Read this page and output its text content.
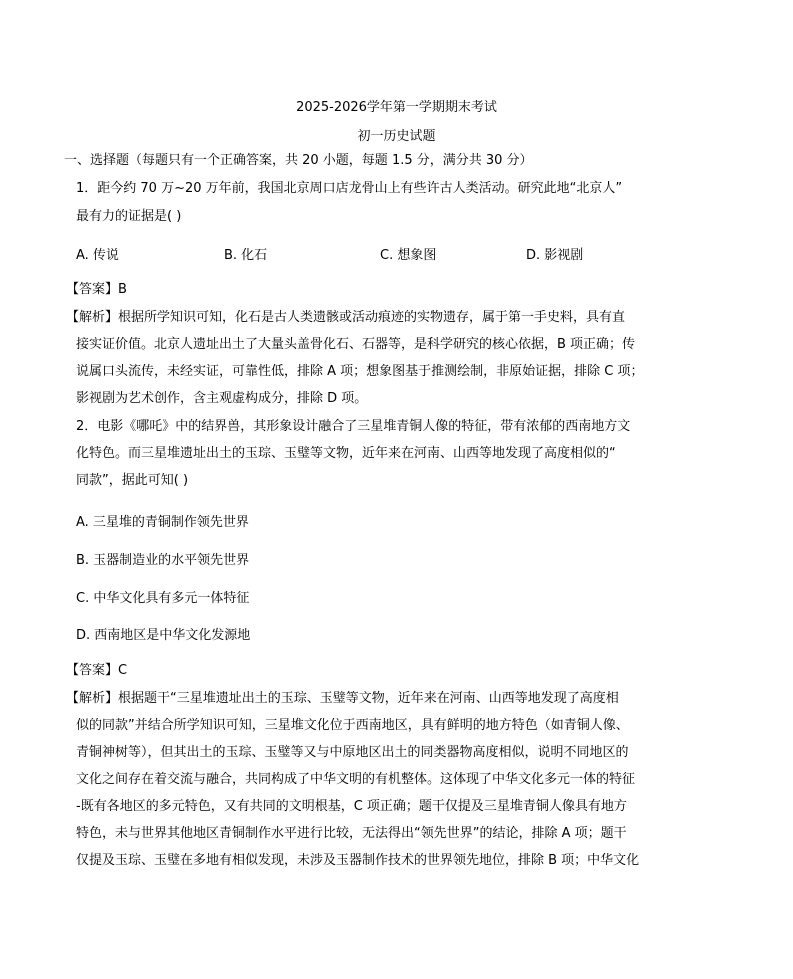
2025-2026学年第一学期期末考试
初一历史试题
一、选择题（每题只有一个正确答案，共 20 小题，每题 1.5 分，满分共 30 分）
1．距今约 70 万~20 万年前，我国北京周口店龙骨山上有些许古人类活动。研究此地“北京人”
最有力的证据是( )
A. 传说	B. 化石	C. 想象图	D. 影视剧
【答案】B
【解析】根据所学知识可知，化石是古人类遗骸或活动痕迹的实物遗存，属于第一手史料，具有直
接实证价值。北京人遗址出土了大量头盖骨化石、石器等，是科学研究的核心依据，B 项正确；传
说属口头流传，未经实证，可靠性低，排除 A 项；想象图基于推测绘制，非原始证据，排除 C 项；
影视剧为艺术创作，含主观虚构成分，排除 D 项。
2．电影《哪吒》中的结界兽，其形象设计融合了三星堆青铜人像的特征，带有浓郁的西南地方文
化特色。而三星堆遗址出土的玉琮、玉璧等文物，近年来在河南、山西等地发现了高度相似的“
同款”，据此可知( )
A. 三星堆的青铜制作领先世界
B. 玉器制造业的水平领先世界
C. 中华文化具有多元一体特征
D. 西南地区是中华文化发源地
【答案】C
【解析】根据题干“三星堆遗址出土的玉琮、玉璧等文物，近年来在河南、山西等地发现了高度相
似的同款”并结合所学知识可知，三星堆文化位于西南地区，具有鲜明的地方特色（如青铜人像、
青铜神树等），但其出土的玉琮、玉璧等又与中原地区出土的同类器物高度相似，说明不同地区的
文化之间存在着交流与融合，共同构成了中华文明的有机整体。这体现了中华文化多元一体的特征
-既有各地区的多元特色，又有共同的文明根基，C 项正确；题干仅提及三星堆青铜人像具有地方
特色，未与世界其他地区青铜制作水平进行比较，无法得出“领先世界”的结论，排除 A 项；题干
仅提及玉琮、玉璧在多地有相似发现，未涉及玉器制作技术的世界领先地位，排除 B 项；中华文化
